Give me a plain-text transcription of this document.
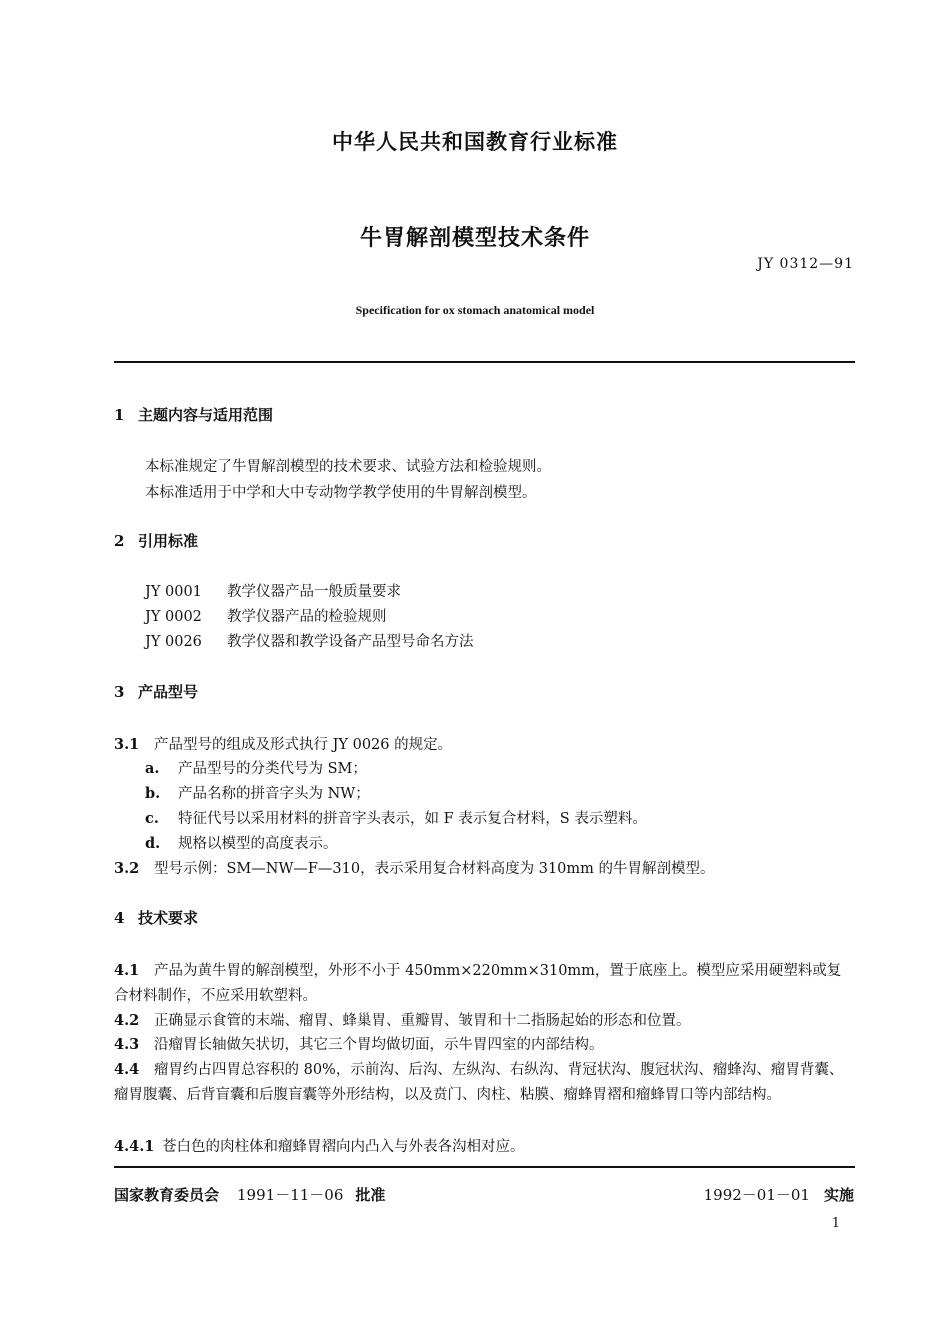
中华人民共和国教育行业标准
牛胃解剖模型技术条件
JY 0312—91
Specification for ox stomach anatomical model
1 主题内容与适用范围
本标准规定了牛胃解剖模型的技术要求、试验方法和检验规则。
本标准适用于中学和大中专动物学教学使用的牛胃解剖模型。
2 引用标准
JY 0001 教学仪器产品一般质量要求
JY 0002 教学仪器产品的检验规则
JY 0026 教学仪器和教学设备产品型号命名方法
3 产品型号
3.1 产品型号的组成及形式执行 JY 0026 的规定。
a. 产品型号的分类代号为 SM；
b. 产品名称的拼音字头为 NW；
c. 特征代号以采用材料的拼音字头表示，如 F 表示复合材料，S 表示塑料。
d. 规格以模型的高度表示。
3.2 型号示例：SM—NW—F—310，表示采用复合材料高度为 310mm 的牛胃解剖模型。
4 技术要求
4.1 产品为黄牛胃的解剖模型，外形不小于 450mm×220mm×310mm，置于底座上。模型应采用硬塑料或复合材料制作，不应采用软塑料。
4.2 正确显示食管的末端、瘤胃、蜂巢胃、重瓣胃、皱胃和十二指肠起始的形态和位置。
4.3 沿瘤胃长轴做矢状切，其它三个胃均做切面，示牛胃四室的内部结构。
4.4 瘤胃约占四胃总容积的 80%，示前沟、后沟、左纵沟、右纵沟、背冠状沟、腹冠状沟、瘤蜂沟、瘤胃背囊、瘤胃腹囊、后背盲囊和后腹盲囊等外形结构，以及贲门、肉柱、粘膜、瘤蜂胃褶和瘤蜂胃口等内部结构。
4.4.1 苍白色的肉柱体和瘤蜂胃褶向内凸入与外表各沟相对应。
国家教育委员会 1991－11－06 批准	1992－01－01 实施
1
